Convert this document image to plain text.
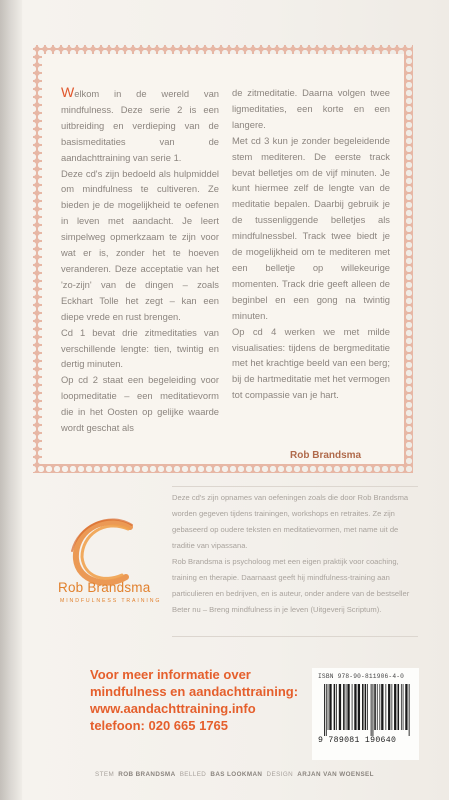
Welkom in de wereld van mindfulness. Deze serie 2 is een uitbreiding en verdieping van de basismeditaties van de aandachttraining van serie 1.

Deze cd's zijn bedoeld als hulpmiddel om mindfulness te cultiveren. Ze bieden je de mogelijkheid te oefenen in leven met aandacht. Je leert simpelweg opmerkzaam te zijn voor wat er is, zonder het te hoeven veranderen. Deze acceptatie van het 'zo-zijn' van de dingen – zoals Eckhart Tolle het zegt – kan een diepe vrede en rust brengen.

Cd 1 bevat drie zitmeditaties van verschillende lengte: tien, twintig en dertig minuten.

Op cd 2 staat een begeleiding voor loopmeditatie – een meditatievorm die in het Oosten op gelijke waarde wordt geschat als

de zitmeditatie. Daarna volgen twee ligmeditaties, een korte en een langere.

Met cd 3 kun je zonder begeleidende stem mediteren. De eerste track bevat belletjes om de vijf minuten. Je kunt hiermee zelf de lengte van de meditatie bepalen. Daarbij gebruik je de tussenliggende belletjes als mindfulnessbel. Track twee biedt je de mogelijkheid om te mediteren met een belletje op willekeurige momenten. Track drie geeft alleen de beginbel en een gong na twintig minuten.

Op cd 4 werken we met milde visualisaties: tijdens de bergmeditatie met het krachtige beeld van een berg; bij de hartmeditatie met het vermogen tot compassie van je hart.

Rob Brandsma

Deze cd's zijn opnames van oefeningen zoals die door Rob Brandsma worden gegeven tijdens trainingen, workshops en retraites. Ze zijn gebaseerd op oudere teksten en meditatievormen, met name uit de traditie van vipassana.

Rob Brandsma is psycholoog met een eigen praktijk voor coaching, training en therapie. Daarnaast geeft hij mindfulness-training aan particulieren en bedrijven, en is auteur, onder andere van de bestseller Beter nu – Breng mindfulness in je leven (Uitgeverij Scriptum).

Rob Brandsma
MINDFULNESS TRAINING
Voor meer informatie over
mindfulness en aandachttraining:
www.aandachttraining.info
telefoon: 020 665 1765
ISBN 978-90-811906-4-0
9 789081 190640
STEM ROB BRANDSMA BELLED BAS LOOKMAN DESIGN ARJAN VAN WOENSEL
